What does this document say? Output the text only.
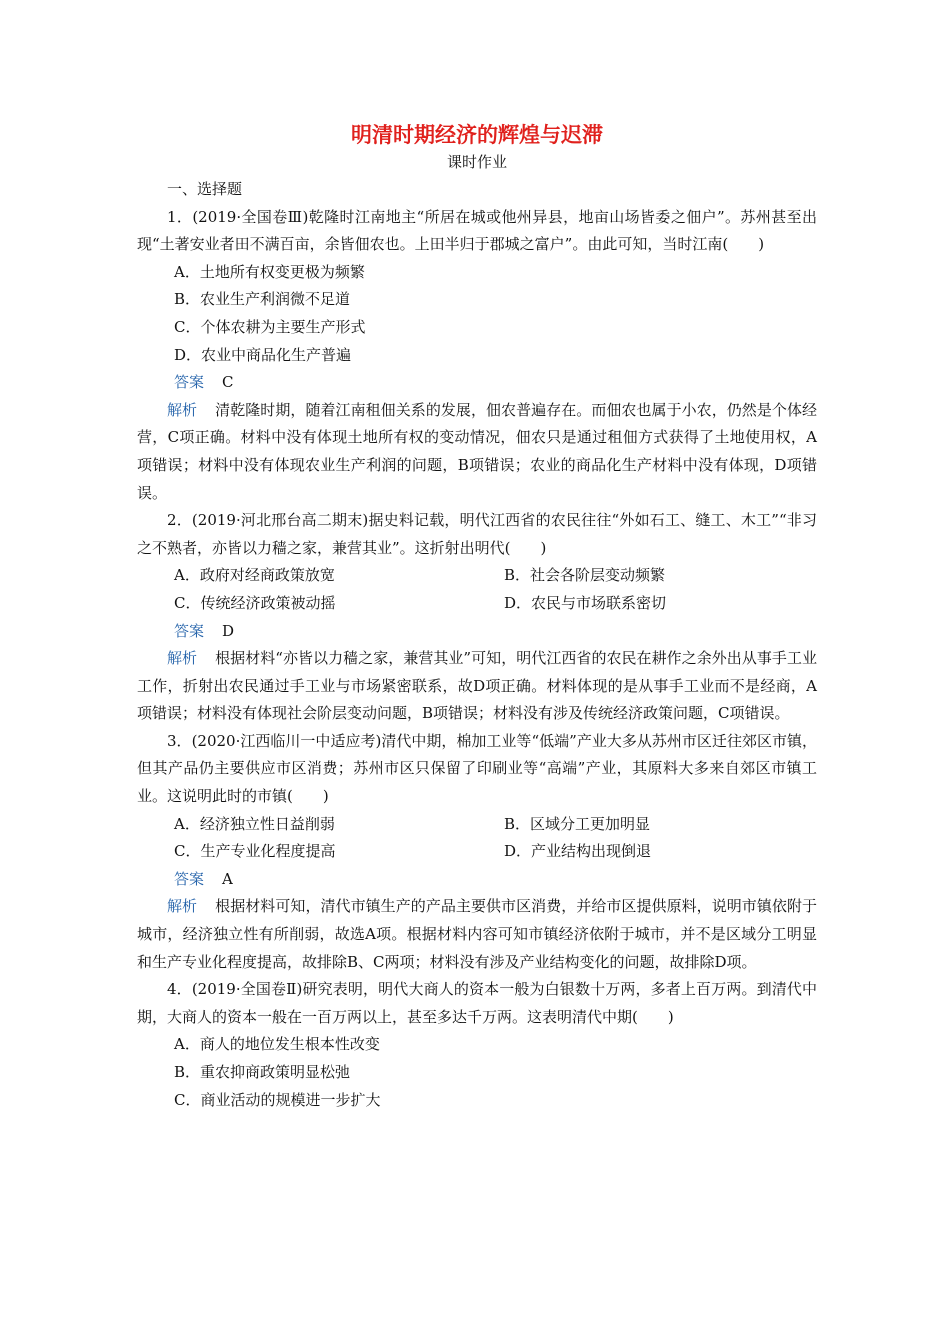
明清时期经济的辉煌与迟滞
课时作业
一、选择题

1．(2019·全国卷Ⅲ)乾隆时江南地主“所居在城或他州异县，地亩山场皆委之佃户”。苏州甚至出现“土著安业者田不满百亩，余皆佃农也。上田半归于郡城之富户”。由此可知，当时江南(　　)

A．土地所有权变更极为频繁
B．农业生产利润微不足道
C．个体农耕为主要生产形式
D．农业中商品化生产普遍
答案 C

解析 清乾隆时期，随着江南租佃关系的发展，佃农普遍存在。而佃农也属于小农，仍然是个体经营，C项正确。材料中没有体现土地所有权的变动情况，佃农只是通过租佃方式获得了土地使用权，A项错误；材料中没有体现农业生产利润的问题，B项错误；农业的商品化生产材料中没有体现，D项错误。

2．(2019·河北邢台高二期末)据史料记载，明代江西省的农民往往“外如石工、缝工、木工”“非习之不熟者，亦皆以力穑之家，兼营其业”。这折射出明代(　　)

A．政府对经商政策放宽	B．社会各阶层变动频繁
C．传统经济政策被动摇	D．农民与市场联系密切
答案 D

解析 根据材料“亦皆以力穑之家，兼营其业”可知，明代江西省的农民在耕作之余外出从事手工业工作，折射出农民通过手工业与市场紧密联系，故D项正确。材料体现的是从事手工业而不是经商，A项错误；材料没有体现社会阶层变动问题，B项错误；材料没有涉及传统经济政策问题，C项错误。

3．(2020·江西临川一中适应考)清代中期，棉加工业等“低端”产业大多从苏州市区迁往郊区市镇，但其产品仍主要供应市区消费；苏州市区只保留了印刷业等“高端”产业，其原料大多来自郊区市镇工业。这说明此时的市镇(　　)

A．经济独立性日益削弱	B．区域分工更加明显
C．生产专业化程度提高	D．产业结构出现倒退
答案 A

解析 根据材料可知，清代市镇生产的产品主要供市区消费，并给市区提供原料，说明市镇依附于城市，经济独立性有所削弱，故选A项。根据材料内容可知市镇经济依附于城市，并不是区域分工明显和生产专业化程度提高，故排除B、C两项；材料没有涉及产业结构变化的问题，故排除D项。

4．(2019·全国卷Ⅱ)研究表明，明代大商人的资本一般为白银数十万两，多者上百万两。到清代中期，大商人的资本一般在一百万两以上，甚至多达千万两。这表明清代中期(　　)

A．商人的地位发生根本性改变
B．重农抑商政策明显松弛
C．商业活动的规模进一步扩大
